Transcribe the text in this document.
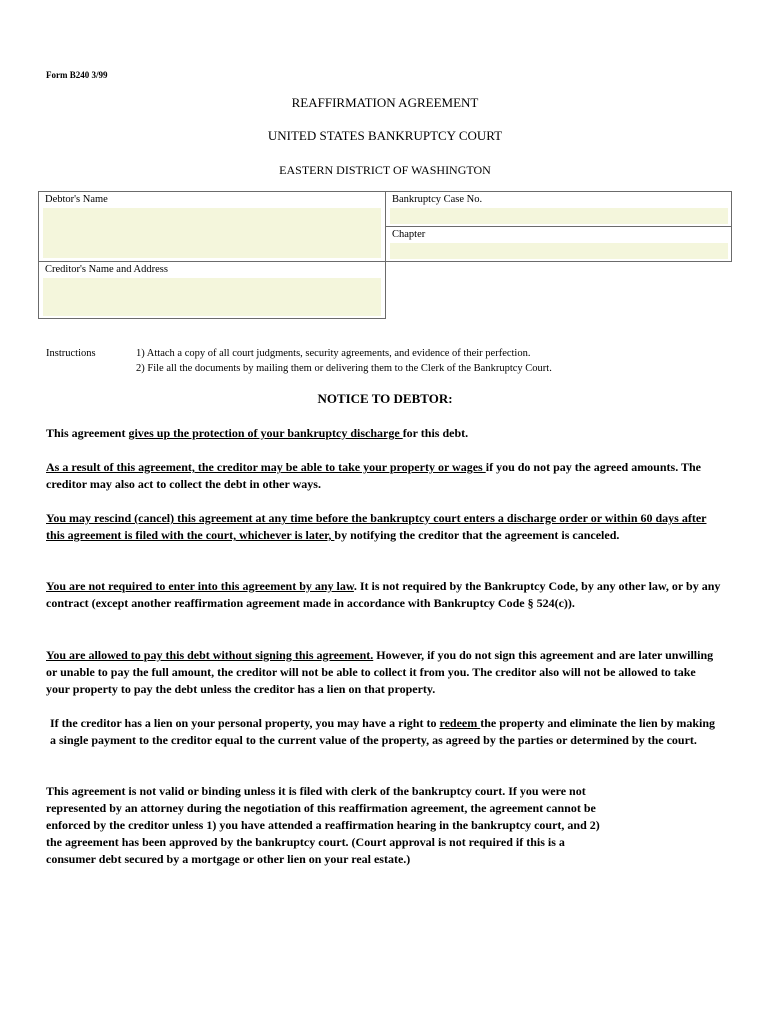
Form B240 3/99
REAFFIRMATION AGREEMENT
UNITED STATES BANKRUPTCY COURT
EASTERN DISTRICT OF WASHINGTON
Debtor's Name	Bankruptcy Case No.
Chapter
Creditor's Name and Address
Instructions	1) Attach a copy of all court judgments, security agreements, and evidence of their perfection.
2) File all the documents by mailing them or delivering them to the Clerk of the Bankruptcy Court.
NOTICE TO DEBTOR:
This agreement gives up the protection of your bankruptcy discharge for this debt.
As a result of this agreement, the creditor may be able to take your property or wages if you do not pay the agreed amounts. The creditor may also act to collect the debt in other ways.
You may rescind (cancel) this agreement at any time before the bankruptcy court enters a discharge order or within 60 days after this agreement is filed with the court, whichever is later, by notifying the creditor that the agreement is canceled.
You are not required to enter into this agreement by any law. It is not required by the Bankruptcy Code, by any other law, or by any contract (except another reaffirmation agreement made in accordance with Bankruptcy Code § 524(c)).
You are allowed to pay this debt without signing this agreement. However, if you do not sign this agreement and are later unwilling or unable to pay the full amount, the creditor will not be able to collect it from you. The creditor also will not be allowed to take your property to pay the debt unless the creditor has a lien on that property.
If the creditor has a lien on your personal property, you may have a right to redeem the property and eliminate the lien by making a single payment to the creditor equal to the current value of the property, as agreed by the parties or determined by the court.
This agreement is not valid or binding unless it is filed with clerk of the bankruptcy court. If you were not represented by an attorney during the negotiation of this reaffirmation agreement, the agreement cannot be enforced by the creditor unless 1) you have attended a reaffirmation hearing in the bankruptcy court, and 2) the agreement has been approved by the bankruptcy court. (Court approval is not required if this is a consumer debt secured by a mortgage or other lien on your real estate.)
